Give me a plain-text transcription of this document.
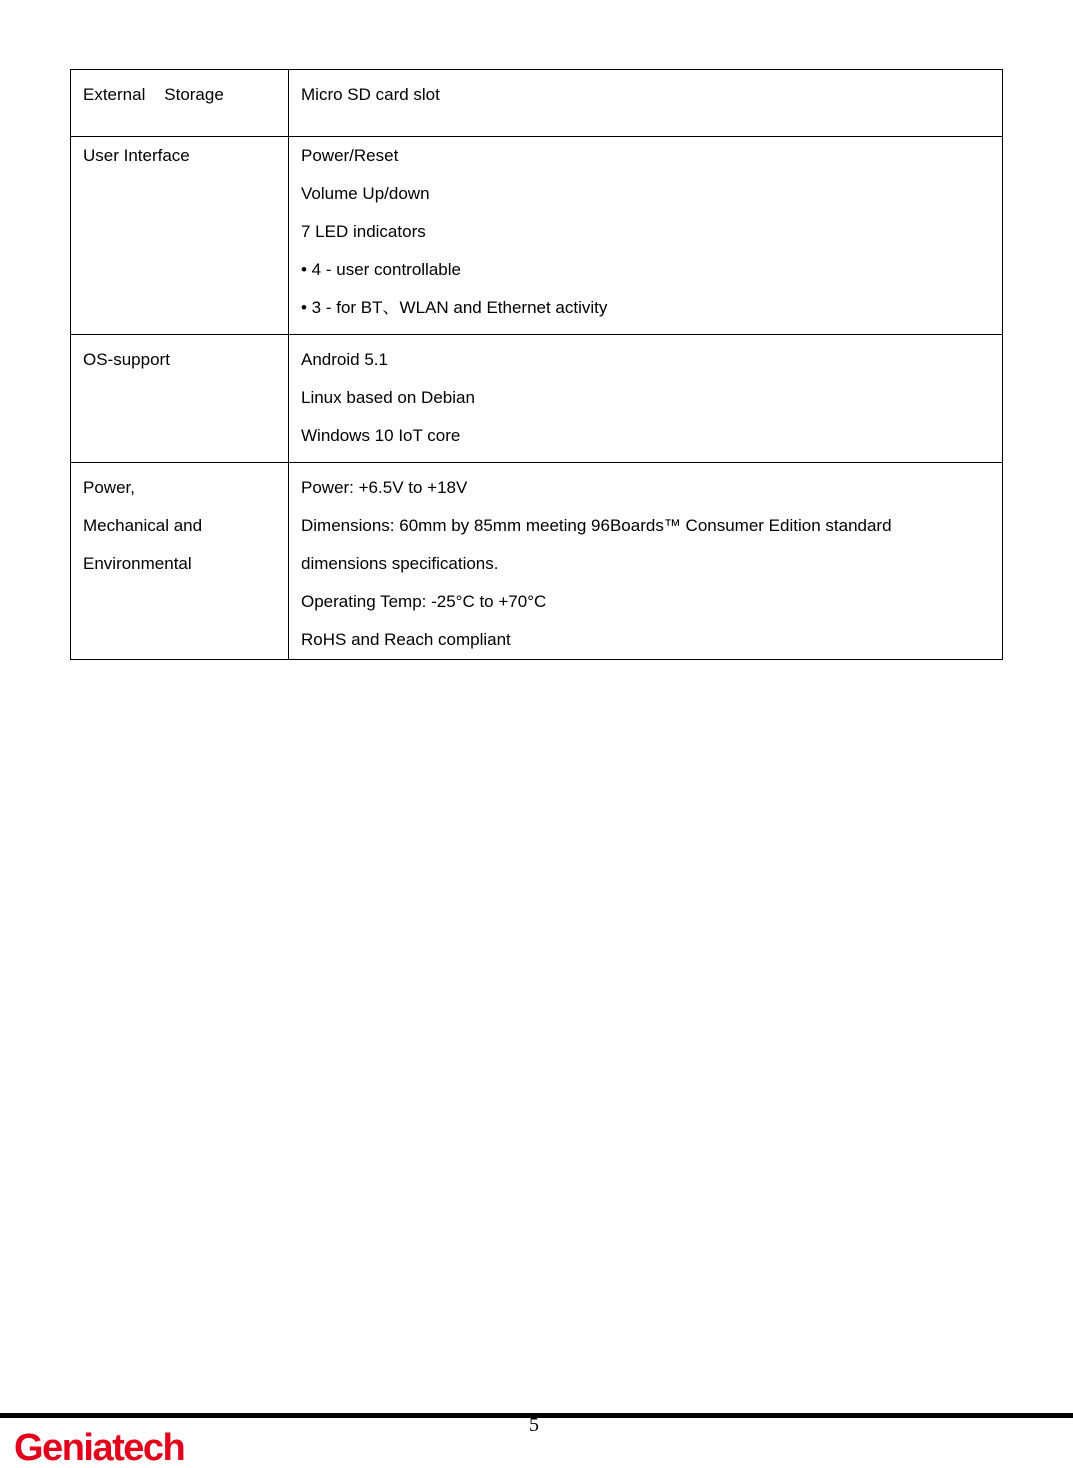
External    Storage	Micro SD card slot

User Interface	Power/Reset
Volume Up/down
7 LED indicators
• 4 - user controllable
• 3 - for BT、WLAN and Ethernet activity

OS-support	Android 5.1
Linux based on Debian
Windows 10 IoT core

Power,
Mechanical and
Environmental	Power: +6.5V to +18V
Dimensions: 60mm by 85mm meeting 96Boards™ Consumer Edition standard
dimensions specifications.
Operating Temp: -25°C to +70°C
RoHS and Reach compliant
5
Geniatech
